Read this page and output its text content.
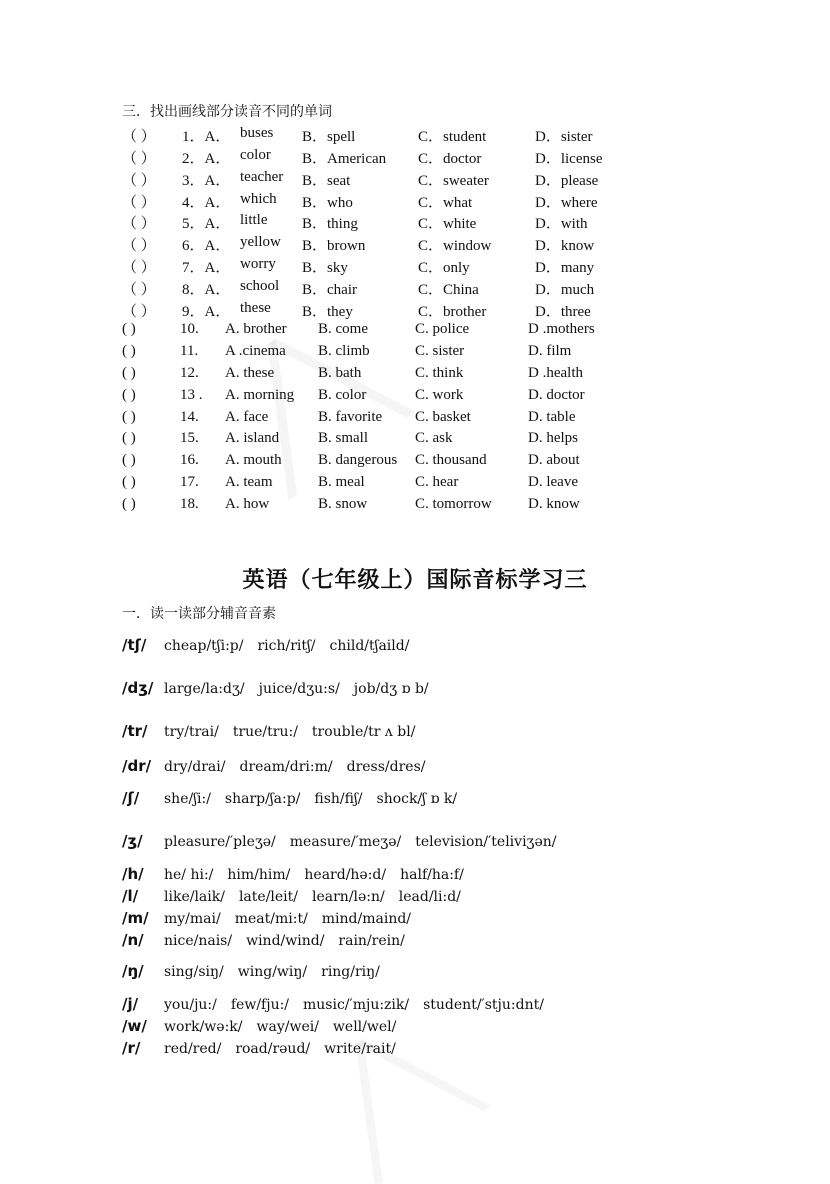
三．找出画线部分读音不同的单词
（ ） 1．A． buses B．spell	C．student	D．sister
（ ） 2．A． color B．American C．doctor	D．license
（ ） 3．A． teacher B．seat	C．sweater	D．please
（ ） 4．A． which B．who	C．what	D．where
（ ） 5．A． little B．thing	C．white	D．with
（ ） 6．A． yellow B．brown	C．window	D．know
（ ） 7．A． worry B．sky	C．only	D．many
（ ） 8．A． school B．chair	C．China	D．much
（ ） 9．A． these B．they	C．brother	D．three
( )	10. A. brother B. come	C. police	D .mothers
( )	11. A .cinema B. climb	C. sister	D. film
( )	12. A. these	B. bath	C. think	D .health
( )	13 . A. morning B. color	C. work	D. doctor
( )	14. A. face	B. favorite C. basket	D. table
( )	15. A. island	B. small	C. ask	D. helps
( )	16. A. mouth B. dangerous C. thousand	D. about
( )	17. A. team	B. meal	C. hear	D. leave
( )	18. A. how	B. snow	C. tomorrow D. know
英语（七年级上）国际音标学习三
一．读一读部分辅音音素
/tʃ/ cheap/tʃi:p/ rich/ritʃ/ child/tʃaild/
/dʒ/ large/la:dʒ/ juice/dʒu:s/ job/dʒ ɒ b/
/tr/ try/trai/ true/tru:/ trouble/tr ʌ bl/
/dr/ dry/drai/ dream/dri:m/ dress/dres/
/ʃ/ she/ʃi:/ sharp/ʃa:p/ fish/fiʃ/ shock/ʃ ɒ k/
/ʒ/ pleasure/′pleʒə/ measure/′meʒə/ television/′teliviʒən/
/h/ he/ hi:/ him/him/ heard/hə:d/ half/ha:f/
/l/ like/laik/ late/leit/ learn/lə:n/ lead/li:d/
/m/ my/mai/ meat/mi:t/ mind/maind/
/n/ nice/nais/ wind/wind/ rain/rein/
/ŋ/ sing/siŋ/ wing/wiŋ/ ring/riŋ/
/j/ you/ju:/ few/fju:/ music/′mju:zik/ student/′stju:dnt/
/w/ work/wə:k/ way/wei/ well/wel/
/r/ red/red/ road/rəud/ write/rait/
